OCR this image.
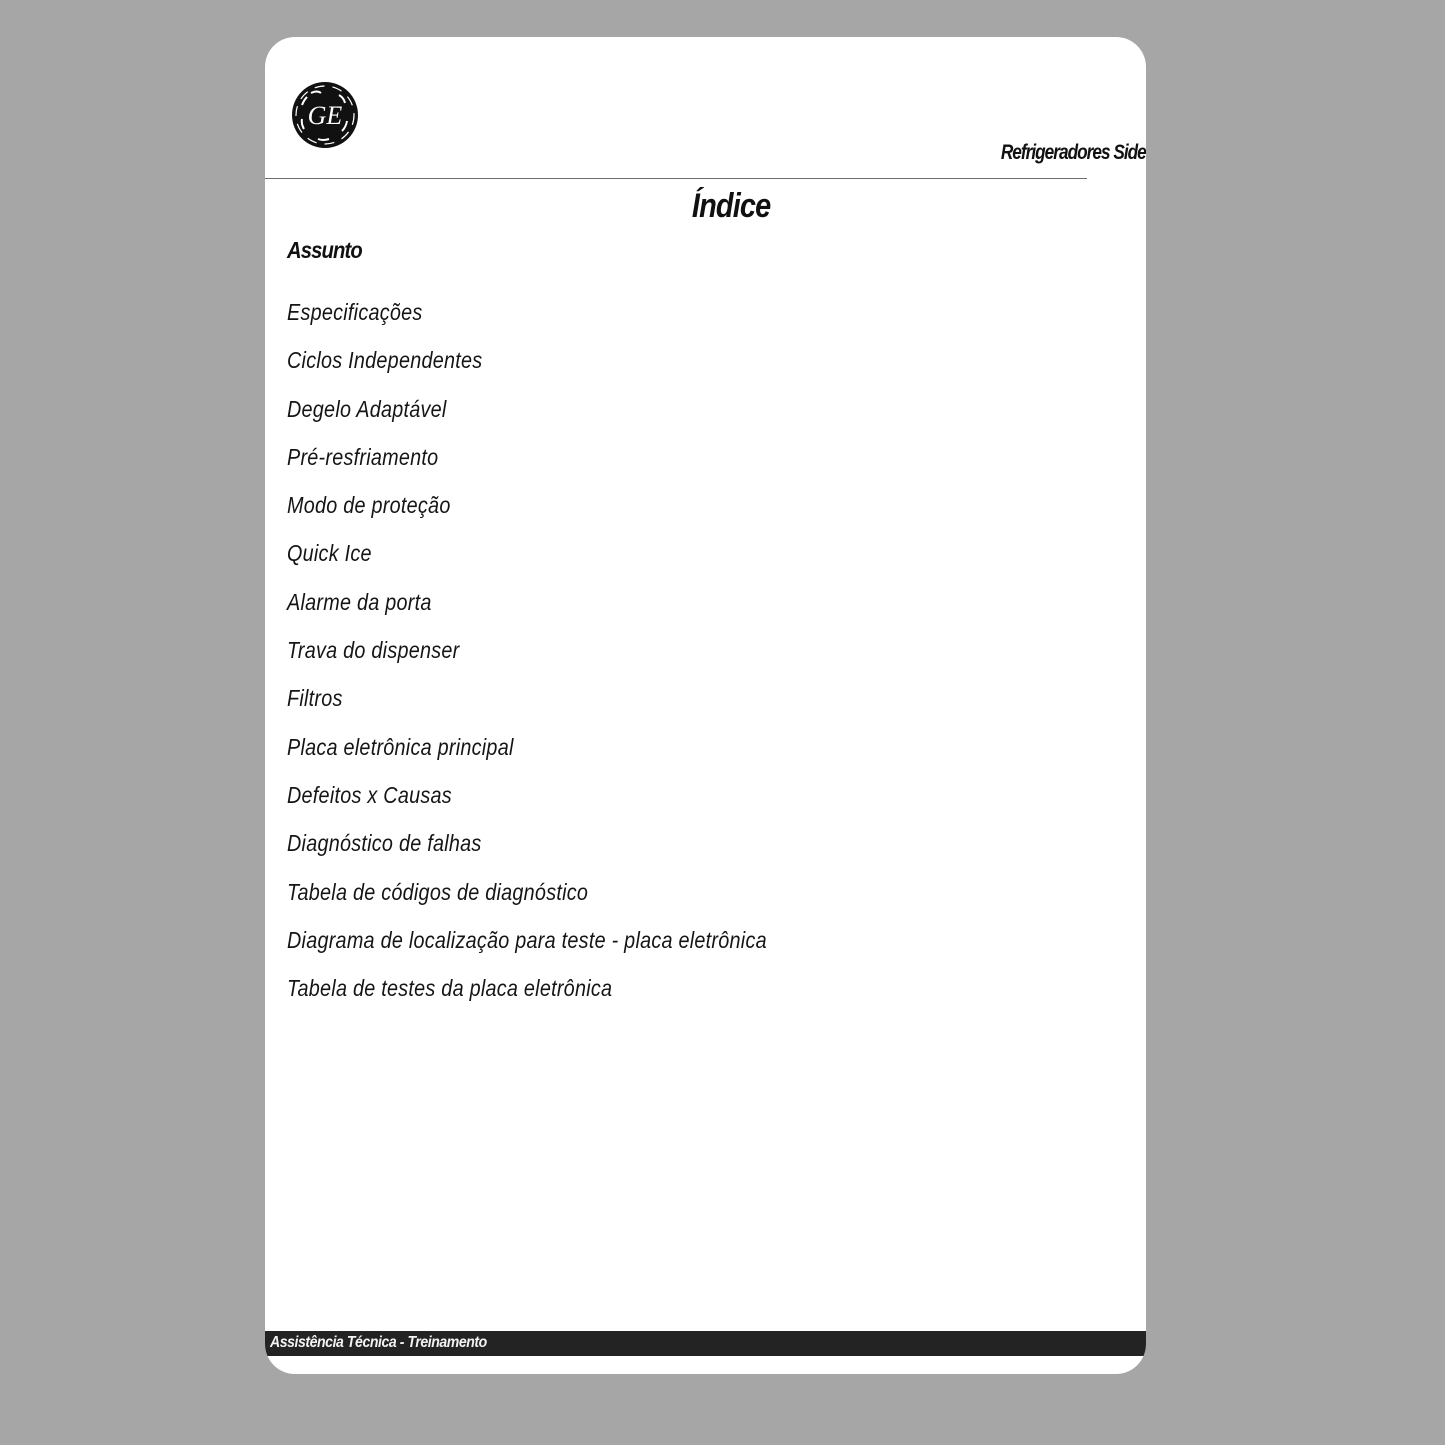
GE
Refrigeradores Side
Índice
Assunto
Especificações
Ciclos Independentes
Degelo Adaptável
Pré-resfriamento
Modo de proteção
Quick Ice
Alarme da porta
Trava do dispenser
Filtros
Placa eletrônica principal
Defeitos x Causas
Diagnóstico de falhas
Tabela de códigos de diagnóstico
Diagrama de localização para teste - placa eletrônica
Tabela de testes da placa eletrônica
Assistência Técnica - Treinamento
